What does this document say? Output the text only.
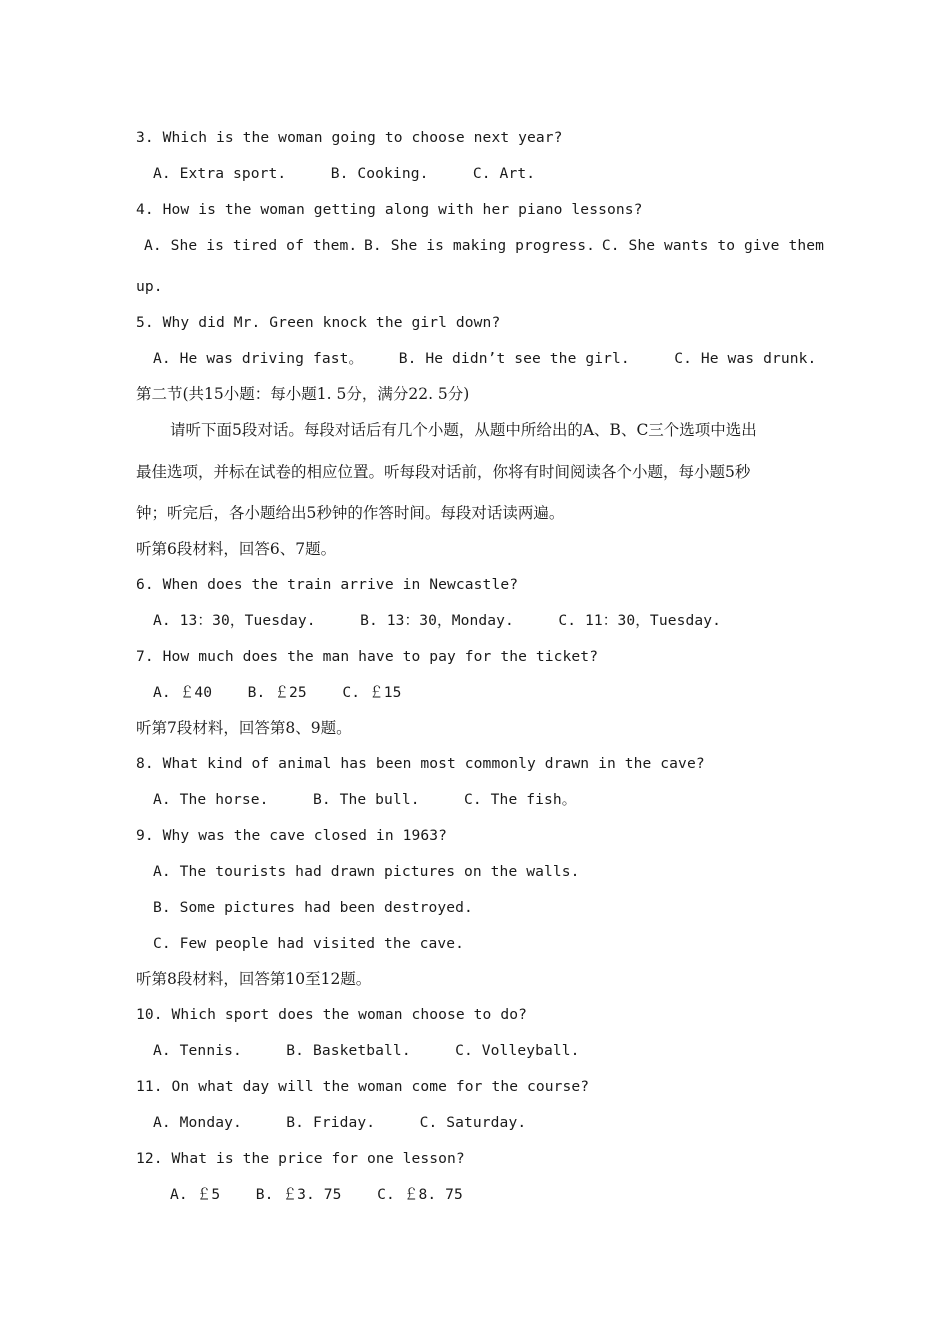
3. Which is the woman going to choose next year?
A. Extra sport.     B. Cooking.     C. Art.
4. How is the woman getting along with her piano lessons?
A. She is tired of them. B. She is making progress. C. She wants to give them
up.
5. Why did Mr. Green knock the girl down?
A. He was driving fast。    B. He didn’t see the girl.     C. He was drunk.
第二节(共15小题：每小题1. 5分，满分22. 5分)
请听下面5段对话。每段对话后有几个小题，从题中所给出的A、B、C三个选项中选出
最佳选项，并标在试卷的相应位置。听每段对话前，你将有时间阅读各个小题，每小题5秒
钟；听完后，各小题给出5秒钟的作答时间。每段对话读两遍。
听第6段材料，回答6、7题。
6. When does the train arrive in Newcastle?
A. 13：30，Tuesday.     B. 13：30，Monday.     C. 11：30，Tuesday.
7. How much does the man have to pay for the ticket?
A. ￡40    B. ￡25    C. ￡15
听第7段材料，回答第8、9题。
8. What kind of animal has been most commonly drawn in the cave?
A. The horse.     B. The bull.     C. The fish。
9. Why was the cave closed in 1963?
A. The tourists had drawn pictures on the walls.
B. Some pictures had been destroyed.
C. Few people had visited the cave.
听第8段材料，回答第10至12题。
10. Which sport does the woman choose to do?
A. Tennis.     B. Basketball.     C. Volleyball.
11. On what day will the woman come for the course?
A. Monday.     B. Friday.     C. Saturday.
12. What is the price for one lesson?
A. ￡5    B. ￡3. 75    C. ￡8. 75
